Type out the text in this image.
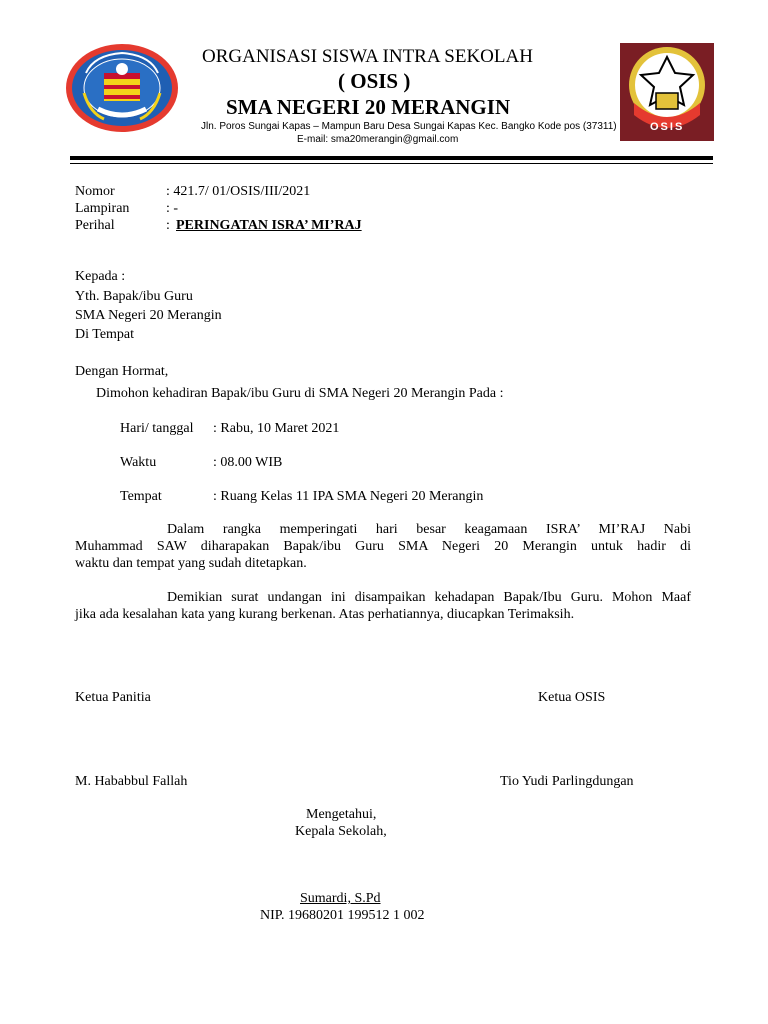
OSIS
ORGANISASI SISWA INTRA SEKOLAH
( OSIS )
SMA NEGERI 20 MERANGIN
Jln. Poros Sungai Kapas – Mampun Baru Desa Sungai Kapas Kec. Bangko Kode pos (37311)
E-mail: sma20merangin@gmail.com
Nomor	: 421.7/ 01/OSIS/III/2021
Lampiran	: -
Perihal	: PERINGATAN ISRA’ MI’RAJ
Kepada :
Yth. Bapak/ibu Guru
SMA Negeri 20 Merangin
Di Tempat
Dengan Hormat,
Dimohon kehadiran Bapak/ibu Guru di SMA Negeri 20 Merangin Pada :
Hari/ tanggal : Rabu, 10 Maret 2021
Waktu	: 08.00 WIB
Tempat	: Ruang Kelas 11 IPA SMA Negeri 20 Merangin
Dalam rangka memperingati hari besar keagamaan ISRA’ MI’RAJ Nabi
Muhammad SAW diharapakan Bapak/ibu Guru SMA Negeri 20 Merangin untuk hadir di
waktu dan tempat yang sudah ditetapkan.
Demikian surat undangan ini disampaikan kehadapan Bapak/Ibu Guru. Mohon Maaf
jika ada kesalahan kata yang kurang berkenan. Atas perhatiannya, diucapkan Terimaksih.
Ketua Panitia	Ketua OSIS
M. Hababbul Fallah	Tio Yudi Parlingdungan
Mengetahui,
Kepala Sekolah,
Sumardi, S.Pd
NIP. 19680201 199512 1 002
